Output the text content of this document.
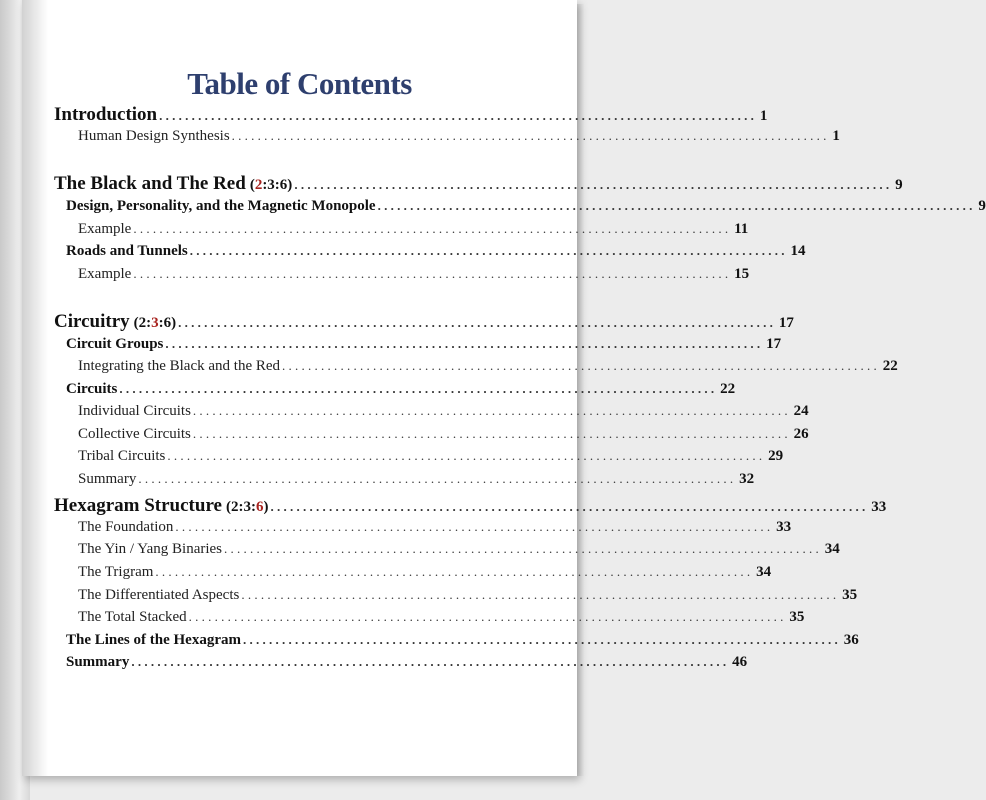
Table of Contents
Introduction . . .	1
Human Design Synthesis . . .	1
The Black and The Red (2:3:6) . . .	9
Design, Personality, and the Magnetic Monopole . . .	9
Example . . .	11
Roads and Tunnels . . .	14
Example . . .	15
Circuitry (2:3:6) . . .	17
Circuit Groups . . .	17
Integrating the Black and the Red . . .	22
Circuits . . .	22
Individual Circuits . . .	24
Collective Circuits . . .	26
Tribal Circuits . . .	29
Summary . . .	32
Hexagram Structure (2:3:6) . . .	33
The Foundation . . .	33
The Yin / Yang Binaries . . .	34
The Trigram . . .	34
The Differentiated Aspects . . .	35
The Total Stacked . . .	35
The Lines of the Hexagram . . .	36
Summary . . .	46
